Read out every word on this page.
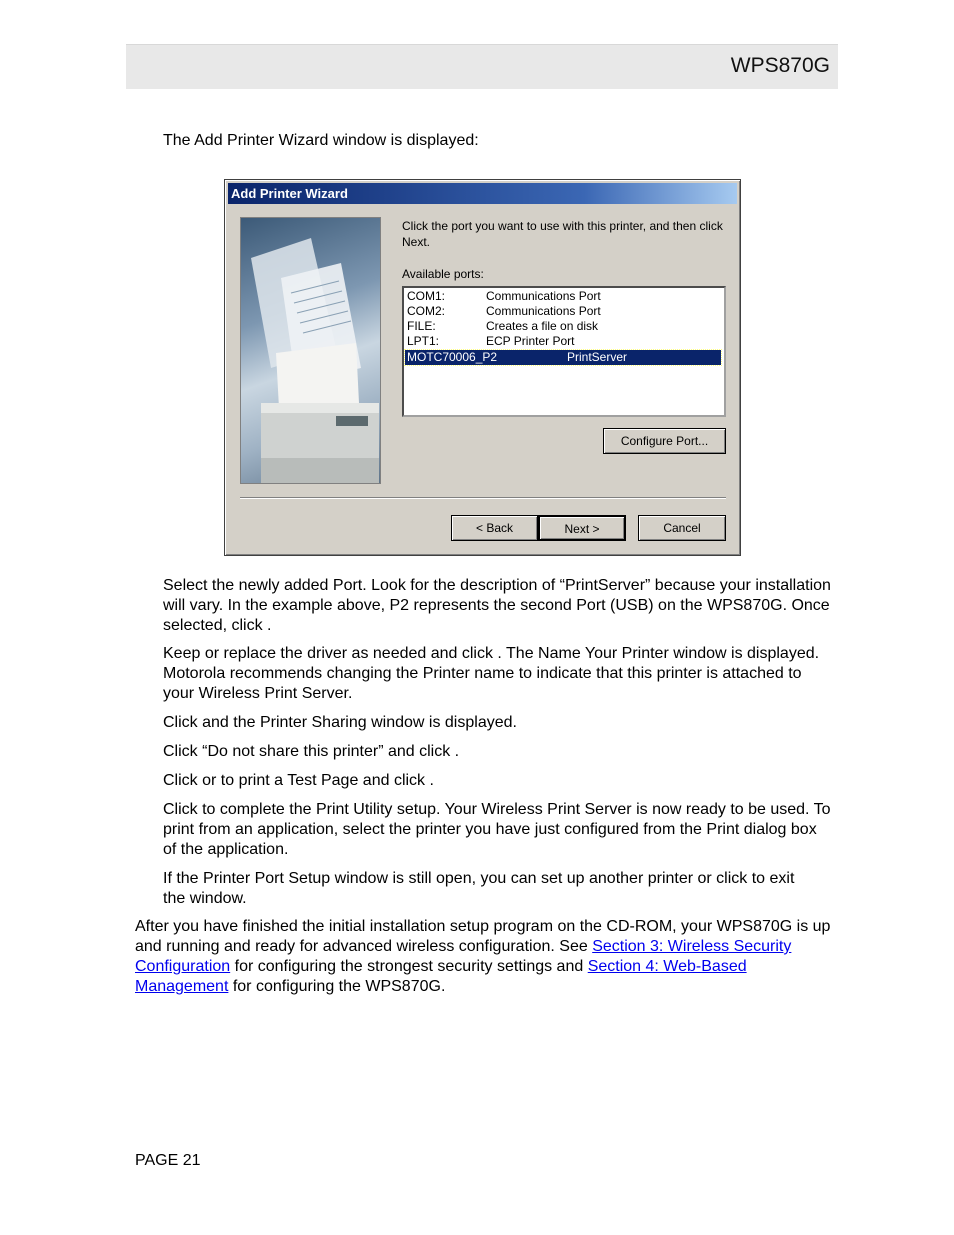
WPS870G
The Add Printer Wizard window is displayed:
Add Printer Wizard
Click the port you want to use with this printer, and then click Next.
Available ports:
COM1:	Communications Port
COM2:	Communications Port
FILE:	Creates a file on disk
LPT1:	ECP Printer Port
MOTC70006_P2	PrintServer
Configure Port...
< Back	Next >	Cancel
Select the newly added Port. Look for the description of “PrintServer” because your installation will vary. In the example above, P2 represents the second Port (USB) on the WPS870G. Once selected, click .
Keep or replace the driver as needed and click . The Name Your Printer window is displayed. Motorola recommends changing the Printer name to indicate that this printer is attached to your Wireless Print Server.
Click and the Printer Sharing window is displayed.
Click “Do not share this printer” and click .
Click or to print a Test Page and click .
Click to complete the Print Utility setup. Your Wireless Print Server is now ready to be used. To print from an application, select the printer you have just configured from the Print dialog box of the application.
If the Printer Port Setup window is still open, you can set up another printer or click to exit the window.
After you have finished the initial installation setup program on the CD-ROM, your WPS870G is up and running and ready for advanced wireless configuration. See Section 3: Wireless Security Configuration for configuring the strongest security settings and Section 4: Web-Based Management for configuring the WPS870G.
PAGE 21
